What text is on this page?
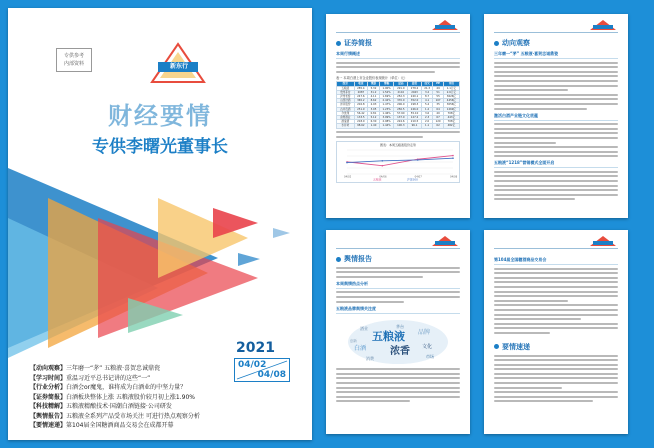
专供参考
内部资料	新东行
财经要情
专供李曙光董事长
2021
04/02
04/08
【动向观察】三年磨一“茅” 五粮液·喜贺忠诚鼎瓷
【学习时间】重温习近平总书记讲的这些“一”
【行业分析】白酒会or魔鬼，谁将成为白酒业的中坚力量？
【证券简报】白酒板块整体上涨 五粮液股价较月初上涨1.90%
【科技精解】五粮液精酿技术·国潮白酒链接·公司研发
【舆情报告】五粮液全系列产品受市场关注 可进行热点观察分析
【要情速递】第104届全国糖酒商品交易会在成都开幕
证券简报
本周行情概述
表一 本周白酒上市企业股价表现统计（单位：元）
股票	收盘	涨跌	涨幅	最高	最低	成交	PE	市值
五粮液	285.4	5.32	1.90%	291.0	278.2	21.3	49	1.1万亿
贵州茅台	2087	31.2	1.52%	2110	2043	3.2	51	2.6万亿
泸州老窖	247.6	4.11	1.69%	252.3	240.1	8.7	55	3626亿
山西汾酒	365.2	8.62	2.42%	370.0	352.0	4.1	107	4456亿
洋河股份	202.8	2.93	1.47%	206.0	198.3	5.4	35	3056亿
古井贡酒	251.9	3.05	1.23%	256.5	246.0	1.2	64	1269亿
今世缘	56.42	0.81	1.46%	57.60	55.10	3.6	40	708亿
舍得酒业	133.5	5.12	3.99%	137.0	127.2	2.3	67	443亿
酒鬼酒	218.0	6.30	2.98%	224.6	210.5	2.0	120	708亿
水井坊	98.62	1.40	1.44%	100.3	96.1	1.1	62	482亿
图表：本周五粮液股价走势
五粮液	沪深300
04/02	04/06	04/07	04/08
动向观察
三年磨一“茅” 五粮液·喜贺忠诚鼎瓷
激活白酒产业链文化底蕴
五粮液“1218”营销模式全面开启
舆情报告
本周舆情热点分析
五粮液品牌舆情关注度
五粮液
浓香
白酒
品牌
文化
酒业
消费
茅台
市场
创新
第104届全国糖酒商品交易会
要情速递
